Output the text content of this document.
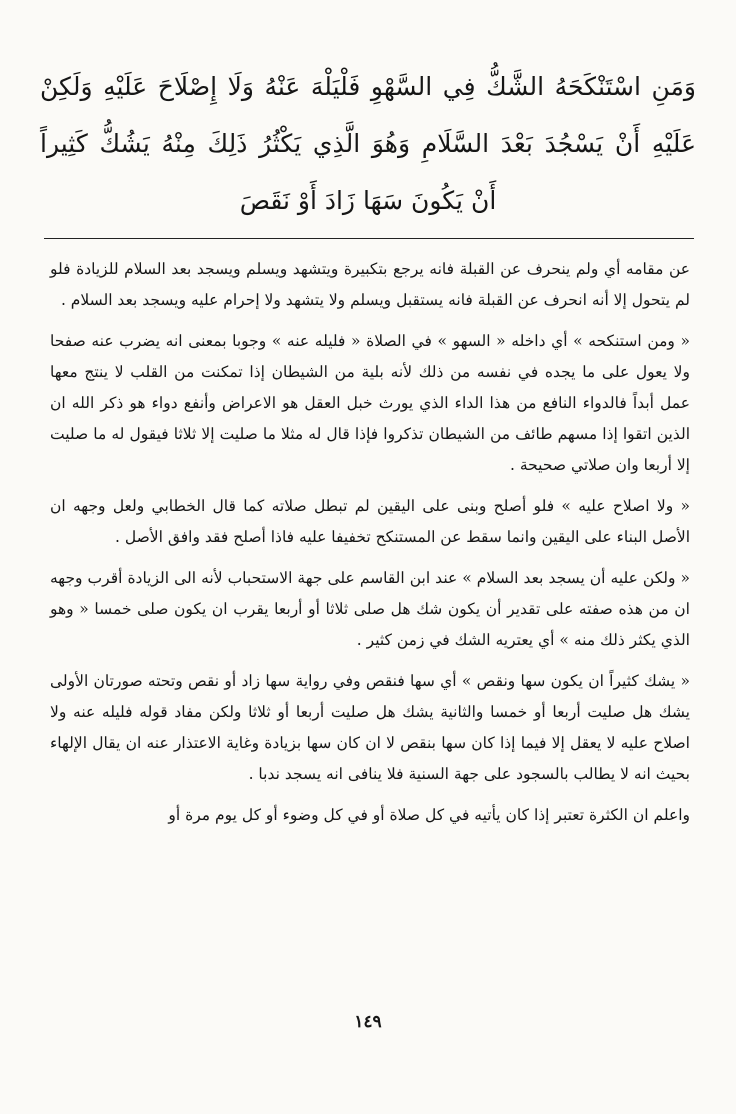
وَمَنِ اسْتَنْكَحَهُ الشَّكُّ فِي السَّهْوِ فَلْيَلْهَ عَنْهُ وَلَا إِصْلَاحَ عَلَيْهِ وَلَكِنْ
عَلَيْهِ أَنْ يَسْجُدَ بَعْدَ السَّلَامِ وَهُوَ الَّذِي يَكْثُرُ ذَلِكَ مِنْهُ يَشُكُّ كَثِيراً
أَنْ يَكُونَ سَهَا زَادَ أَوْ نَقَصَ

عن مقامه أي ولم ينحرف عن القبلة فانه يرجع بتكبيرة ويتشهد ويسلم ويسجد بعد السلام للزيادة فلو لم يتحول إلا أنه انحرف عن القبلة فانه يستقبل ويسلم ولا يتشهد ولا إحرام عليه ويسجد بعد السلام .

« ومن استنكحه » أي داخله « السهو » في الصلاة « فليله عنه » وجوبا بمعنى انه يضرب عنه صفحا ولا يعول على ما يجده في نفسه من ذلك لأنه بلية من الشيطان إذا تمكنت من القلب لا ينتج معها عمل أبداً فالدواء النافع من هذا الداء الذي يورث خبل العقل هو الاعراض وأنفع دواء هو ذكر الله ان الذين اتقوا إذا مسهم طائف من الشيطان تذكروا فإذا قال له مثلا ما صليت إلا ثلاثا فيقول له ما صليت إلا أربعا وان صلاتي صحيحة .

« ولا اصلاح عليه » فلو أصلح وبنى على اليقين لم تبطل صلاته كما قال الخطابي ولعل وجهه ان الأصل البناء على اليقين وانما سقط عن المستنكح تخفيفا عليه فاذا أصلح فقد وافق الأصل .

« ولكن عليه أن يسجد بعد السلام » عند ابن القاسم على جهة الاستحباب لأنه الى الزيادة أقرب وجهه ان من هذه صفته على تقدير أن يكون شك هل صلى ثلاثا أو أربعا يقرب ان يكون صلى خمسا « وهو الذي يكثر ذلك منه » أي يعتريه الشك في زمن كثير .

« يشك كثيراً ان يكون سها ونقص » أي سها فنقص وفي رواية سها زاد أو نقص وتحته صورتان الأولى يشك هل صليت أربعا أو خمسا والثانية يشك هل صليت أربعا أو ثلاثا ولكن مفاد قوله فليله عنه ولا اصلاح عليه لا يعقل إلا فيما إذا كان سها بنقص لا ان كان سها بزيادة وغاية الاعتذار عنه ان يقال الإلهاء بحيث انه لا يطالب بالسجود على جهة السنية فلا ينافى انه يسجد ندبا .

واعلم ان الكثرة تعتبر إذا كان يأتيه في كل صلاة أو في كل وضوء أو كل يوم مرة أو

١٤٩
